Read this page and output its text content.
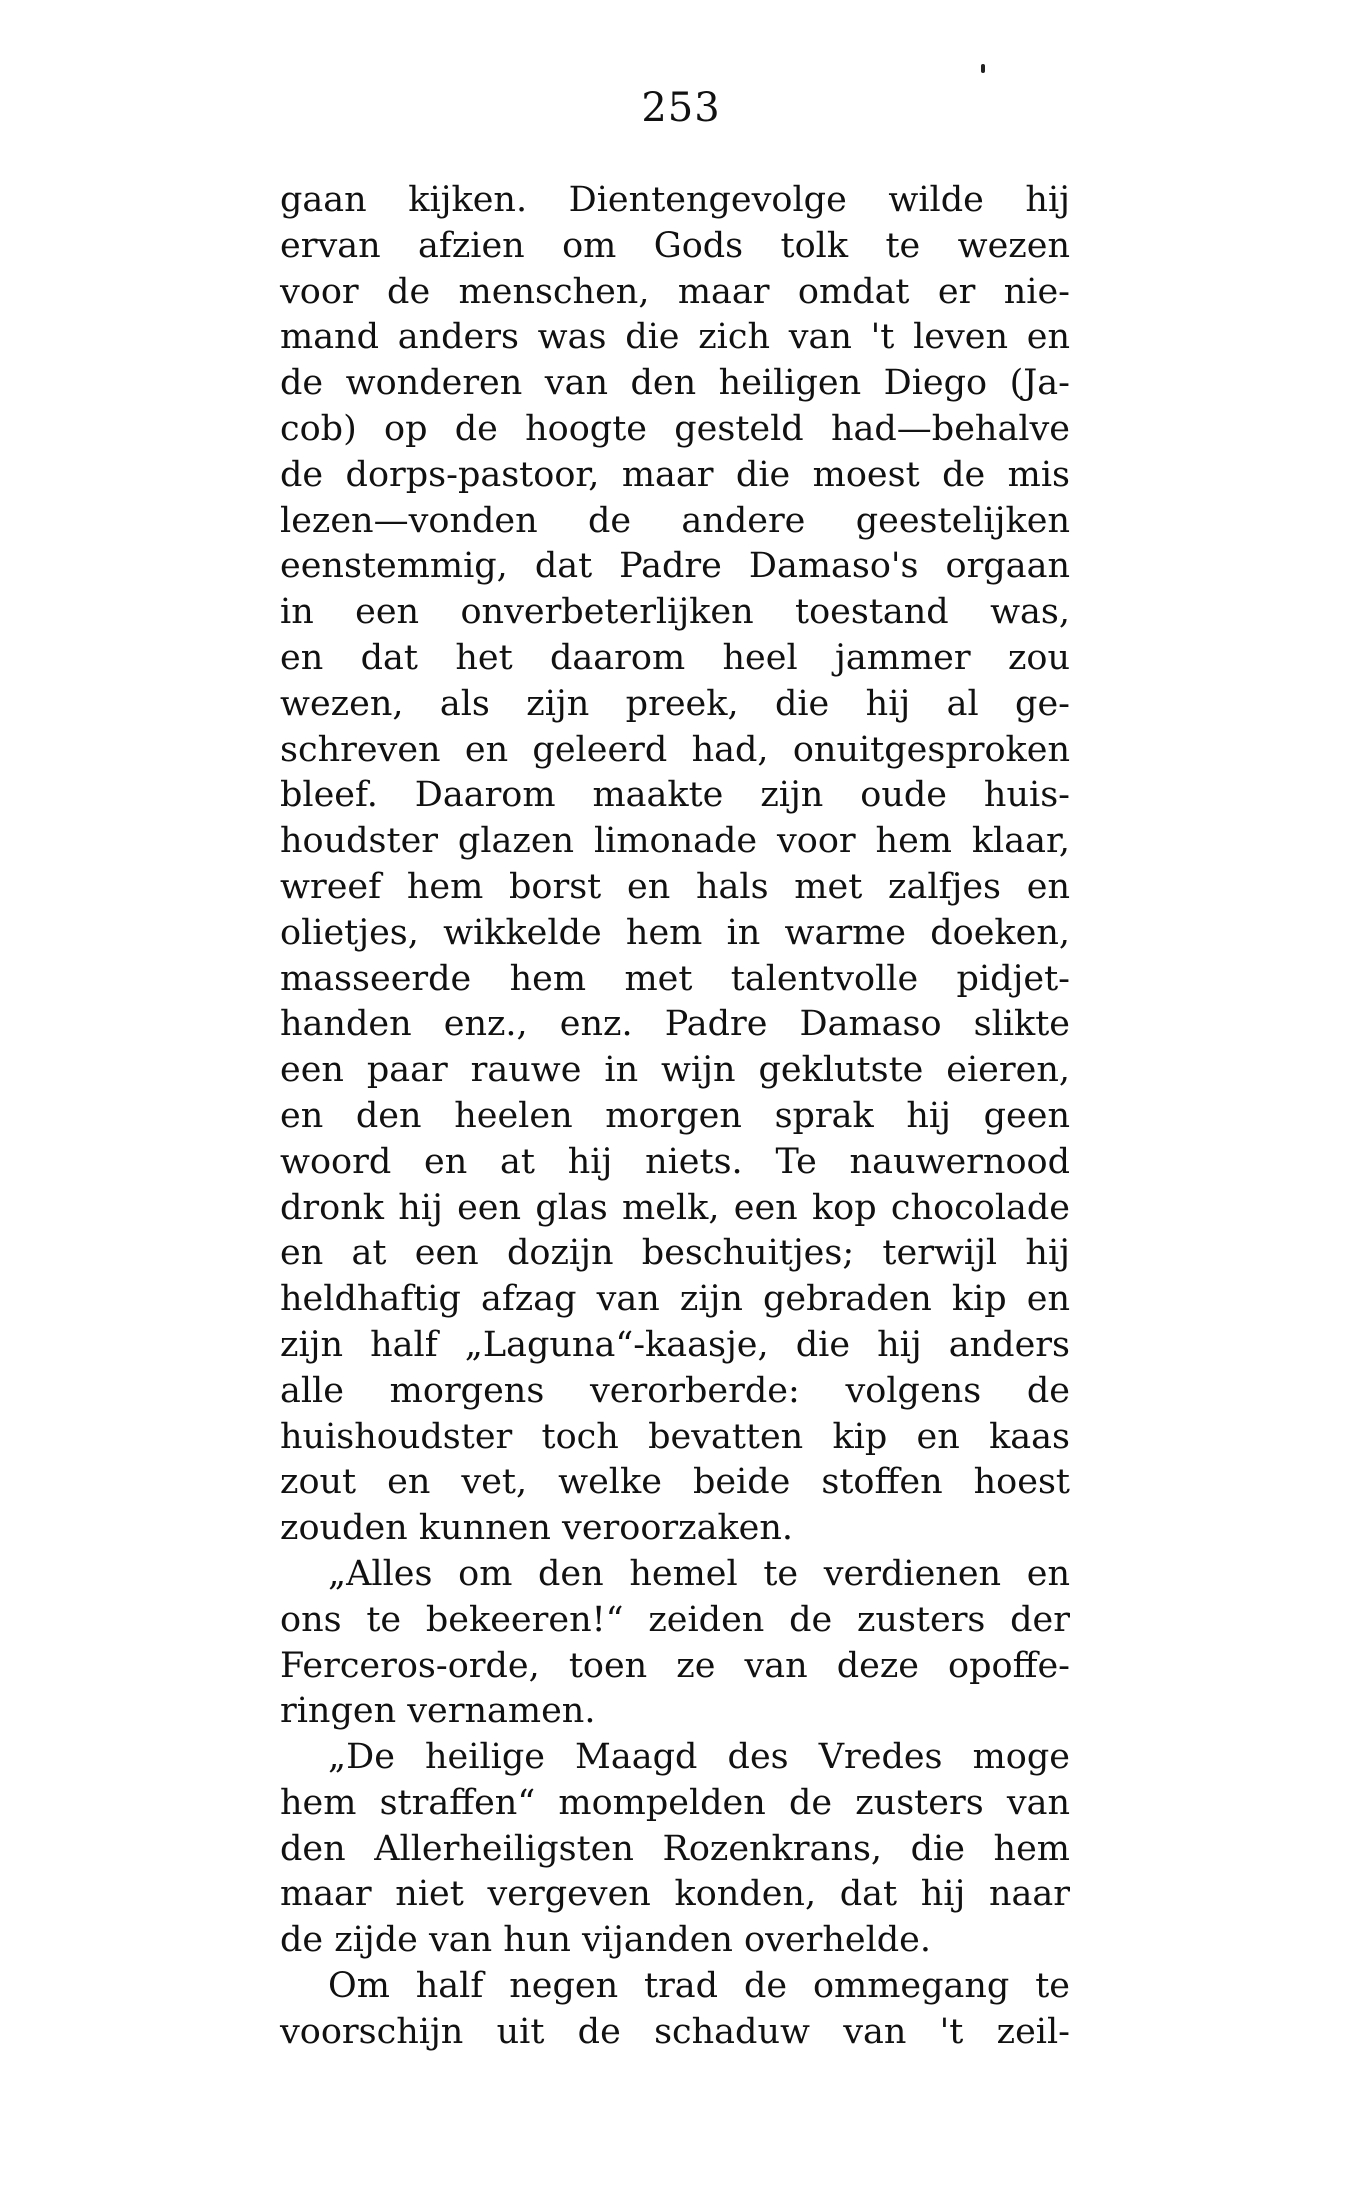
253
gaan kijken. Dientengevolge wilde hij
ervan afzien om Gods tolk te wezen
voor de menschen, maar omdat er nie-
mand anders was die zich van 't leven en
de wonderen van den heiligen Diego (Ja-
cob) op de hoogte gesteld had—behalve
de dorps-pastoor, maar die moest de mis
lezen—vonden de andere geestelijken
eenstemmig, dat Padre Damaso's orgaan
in een onverbeterlijken toestand was,
en dat het daarom heel jammer zou
wezen, als zijn preek, die hij al ge-
schreven en geleerd had, onuitgesproken
bleef. Daarom maakte zijn oude huis-
houdster glazen limonade voor hem klaar,
wreef hem borst en hals met zalfjes en
olietjes, wikkelde hem in warme doeken,
masseerde hem met talentvolle pidjet-
handen enz., enz. Padre Damaso slikte
een paar rauwe in wijn geklutste eieren,
en den heelen morgen sprak hij geen
woord en at hij niets. Te nauwernood
dronk hij een glas melk, een kop chocolade
en at een dozijn beschuitjes; terwijl hij
heldhaftig afzag van zijn gebraden kip en
zijn half „Laguna“-kaasje, die hij anders
alle morgens verorberde: volgens de
huishoudster toch bevatten kip en kaas
zout en vet, welke beide stoffen hoest
zouden kunnen veroorzaken.
„Alles om den hemel te verdienen en
ons te bekeeren!“ zeiden de zusters der
Ferceros-orde, toen ze van deze opoffe-
ringen vernamen.
„De heilige Maagd des Vredes moge
hem straffen“ mompelden de zusters van
den Allerheiligsten Rozenkrans, die hem
maar niet vergeven konden, dat hij naar
de zijde van hun vijanden overhelde.
Om half negen trad de ommegang te
voorschijn uit de schaduw van 't zeil-
